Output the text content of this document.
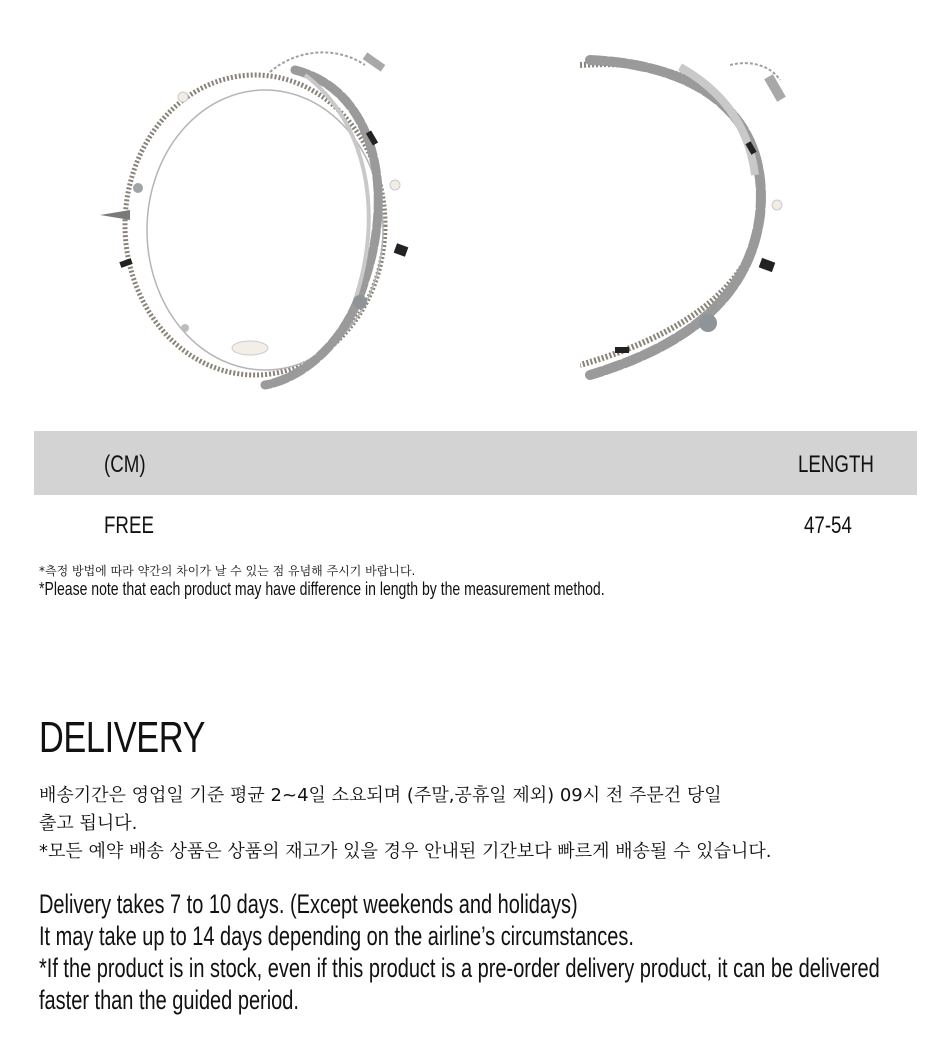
(CM)	LENGTH
FREE	47-54
*측정 방법에 따라 약간의 차이가 날 수 있는 점 유념해 주시기 바랍니다.
*Please note that each product may have difference in length by the measurement method.
DELIVERY
배송기간은 영업일 기준 평균 2~4일 소요되며 (주말,공휴일 제외) 09시 전 주문건 당일
출고 됩니다.
*모든 예약 배송 상품은 상품의 재고가 있을 경우 안내된 기간보다 빠르게 배송될 수 있습니다.
Delivery takes 7 to 10 days. (Except weekends and holidays)
It may take up to 14 days depending on the airline’s circumstances.
*If the product is in stock, even if this product is a pre-order delivery product, it can be delivered
faster than the guided period.
